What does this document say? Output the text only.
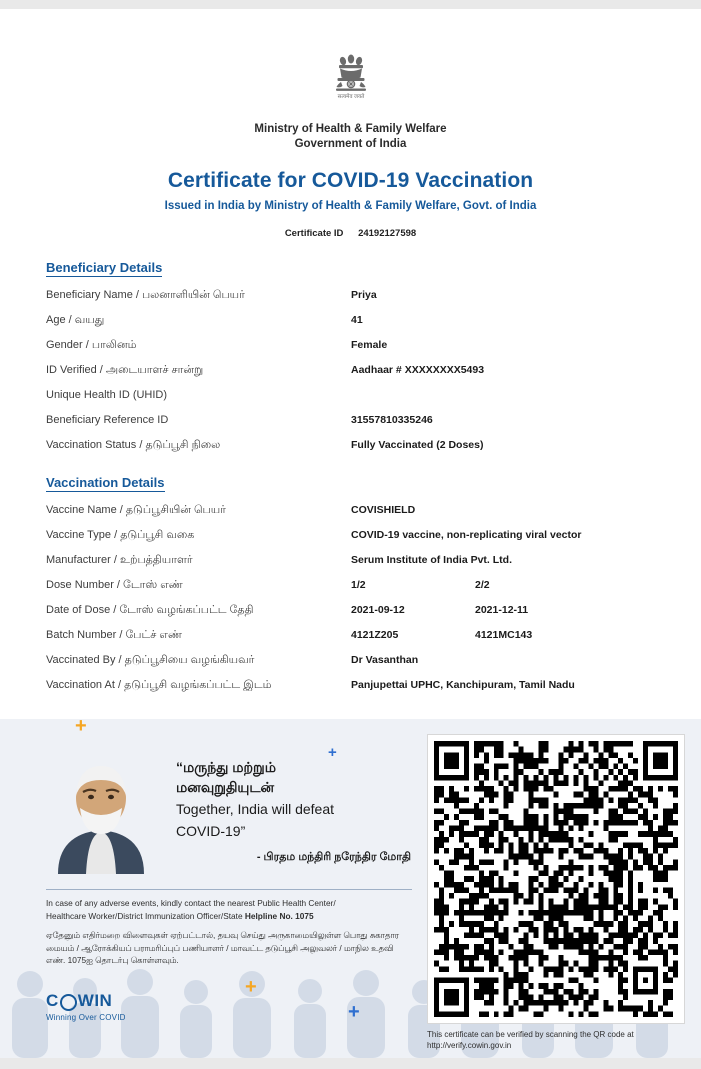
सत्यमेव जयते
Ministry of Health & Family Welfare
Government of India
Certificate for COVID-19 Vaccination
Issued in India by Ministry of Health & Family Welfare, Govt. of India
Certificate ID 24192127598
Beneficiary Details
Beneficiary Name / பலனாளியின் பெயர்	Priya
Age / வயது	41
Gender / பாலினம்	Female
ID Verified / அடையாளச் சான்று	Aadhaar # XXXXXXXX5493
Unique Health ID (UHID)
Beneficiary Reference ID	31557810335246
Vaccination Status / தடுப்பூசி நிலை	Fully Vaccinated (2 Doses)
Vaccination Details
Vaccine Name / தடுப்பூசியின் பெயர்	COVISHIELD
Vaccine Type / தடுப்பூசி வகை	COVID-19 vaccine, non-replicating viral vector
Manufacturer / உற்பத்தியாளர்	Serum Institute of India Pvt. Ltd.
Dose Number / டோஸ் எண்	1/2	2/2
Date of Dose / டோஸ் வழங்கப்பட்ட தேதி	2021-09-12	2021-12-11
Batch Number / பேட்ச் எண்	4121Z205	4121MC143
Vaccinated By / தடுப்பூசியை வழங்கியவர்	Dr Vasanthan
Vaccination At / தடுப்பூசி வழங்கப்பட்ட இடம்	Panjupettai UPHC, Kanchipuram, Tamil Nadu
+
+
+
+
“மருந்து மற்றும்
மனவுறுதியுடன்
Together, India will defeat
COVID-19”
- பிரதம மந்திரி நரேந்திர மோதி
In case of any adverse events, kindly contact the nearest Public Health Center/
Healthcare Worker/District Immunization Officer/State Helpline No. 1075
ஏதேனும் எதிர்மறை விளைவுகள் ஏற்பட்டால், தயவு செய்து அருகாமையிலுள்ள பொது சுகாதார மையம் / ஆரோக்கியப் பராமரிப்புப் பணியாளர் / மாவட்ட தடுப்பூசி அலுவலர் / மாநில உதவி எண். 1075ஐ தொடர்பு கொள்ளவும்.
C WIN
Winning Over COVID
This certificate can be verified by scanning the QR code at
http://verify.cowin.gov.in
